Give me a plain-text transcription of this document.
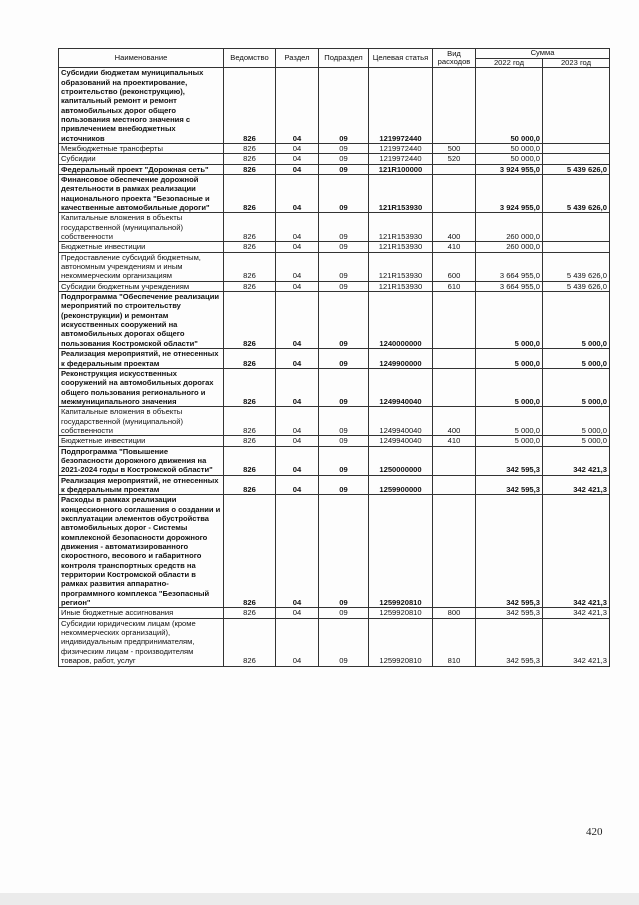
Наименование	Ведомство	Раздел	Подраздел	Целевая статья	Вид расходов	Сумма	
						2022 год	2023 год
Субсидии бюджетам муниципальных образований на проектирование, строительство (реконструкцию), капитальный ремонт и ремонт автомобильных дорог общего пользования местного значения с привлечением внебюджетных источников	826	04	09	1219972440		50 000,0	
Межбюджетные трансферты	826	04	09	1219972440	500	50 000,0	
Субсидии	826	04	09	1219972440	520	50 000,0	
Федеральный проект "Дорожная сеть"	826	04	09	121R100000		3 924 955,0	5 439 626,0
Финансовое обеспечение дорожной деятельности в рамках реализации национального проекта "Безопасные и качественные автомобильные дороги"	826	04	09	121R153930		3 924 955,0	5 439 626,0
Капитальные вложения в объекты государственной (муниципальной) собственности	826	04	09	121R153930	400	260 000,0	
Бюджетные инвестиции	826	04	09	121R153930	410	260 000,0	
Предоставление субсидий бюджетным, автономным учреждениям и иным некоммерческим организациям	826	04	09	121R153930	600	3 664 955,0	5 439 626,0
Субсидии бюджетным учреждениям	826	04	09	121R153930	610	3 664 955,0	5 439 626,0
Подпрограмма "Обеспечение реализации мероприятий по строительству (реконструкции) и ремонтам искусственных сооружений на автомобильных дорогах общего пользования Костромской области"	826	04	09	1240000000		5 000,0	5 000,0
Реализация мероприятий, не отнесенных к федеральным проектам	826	04	09	1249900000		5 000,0	5 000,0
Реконструкция искусственных сооружений на автомобильных дорогах общего пользования регионального и межмуниципального значения	826	04	09	1249940040		5 000,0	5 000,0
Капитальные вложения в объекты государственной (муниципальной) собственности	826	04	09	1249940040	400	5 000,0	5 000,0
Бюджетные инвестиции	826	04	09	1249940040	410	5 000,0	5 000,0
Подпрограмма "Повышение безопасности дорожного движения на 2021-2024 годы в Костромской области"	826	04	09	1250000000		342 595,3	342 421,3
Реализация мероприятий, не отнесенных к федеральным проектам	826	04	09	1259900000		342 595,3	342 421,3
Расходы в рамках реализации концессионного соглашения о создании и эксплуатации элементов обустройства автомобильных дорог - Системы комплексной безопасности дорожного движения - автоматизированного скоростного, весового и габаритного контроля транспортных средств на территории Костромской области в рамках развития аппаратно-программного комплекса "Безопасный регион"	826	04	09	1259920810		342 595,3	342 421,3
Иные бюджетные ассигнования	826	04	09	1259920810	800	342 595,3	342 421,3
Субсидии юридическим лицам (кроме некоммерческих организаций), индивидуальным предпринимателям, физическим лицам - производителям товаров, работ, услуг	826	04	09	1259920810	810	342 595,3	342 421,3
420
